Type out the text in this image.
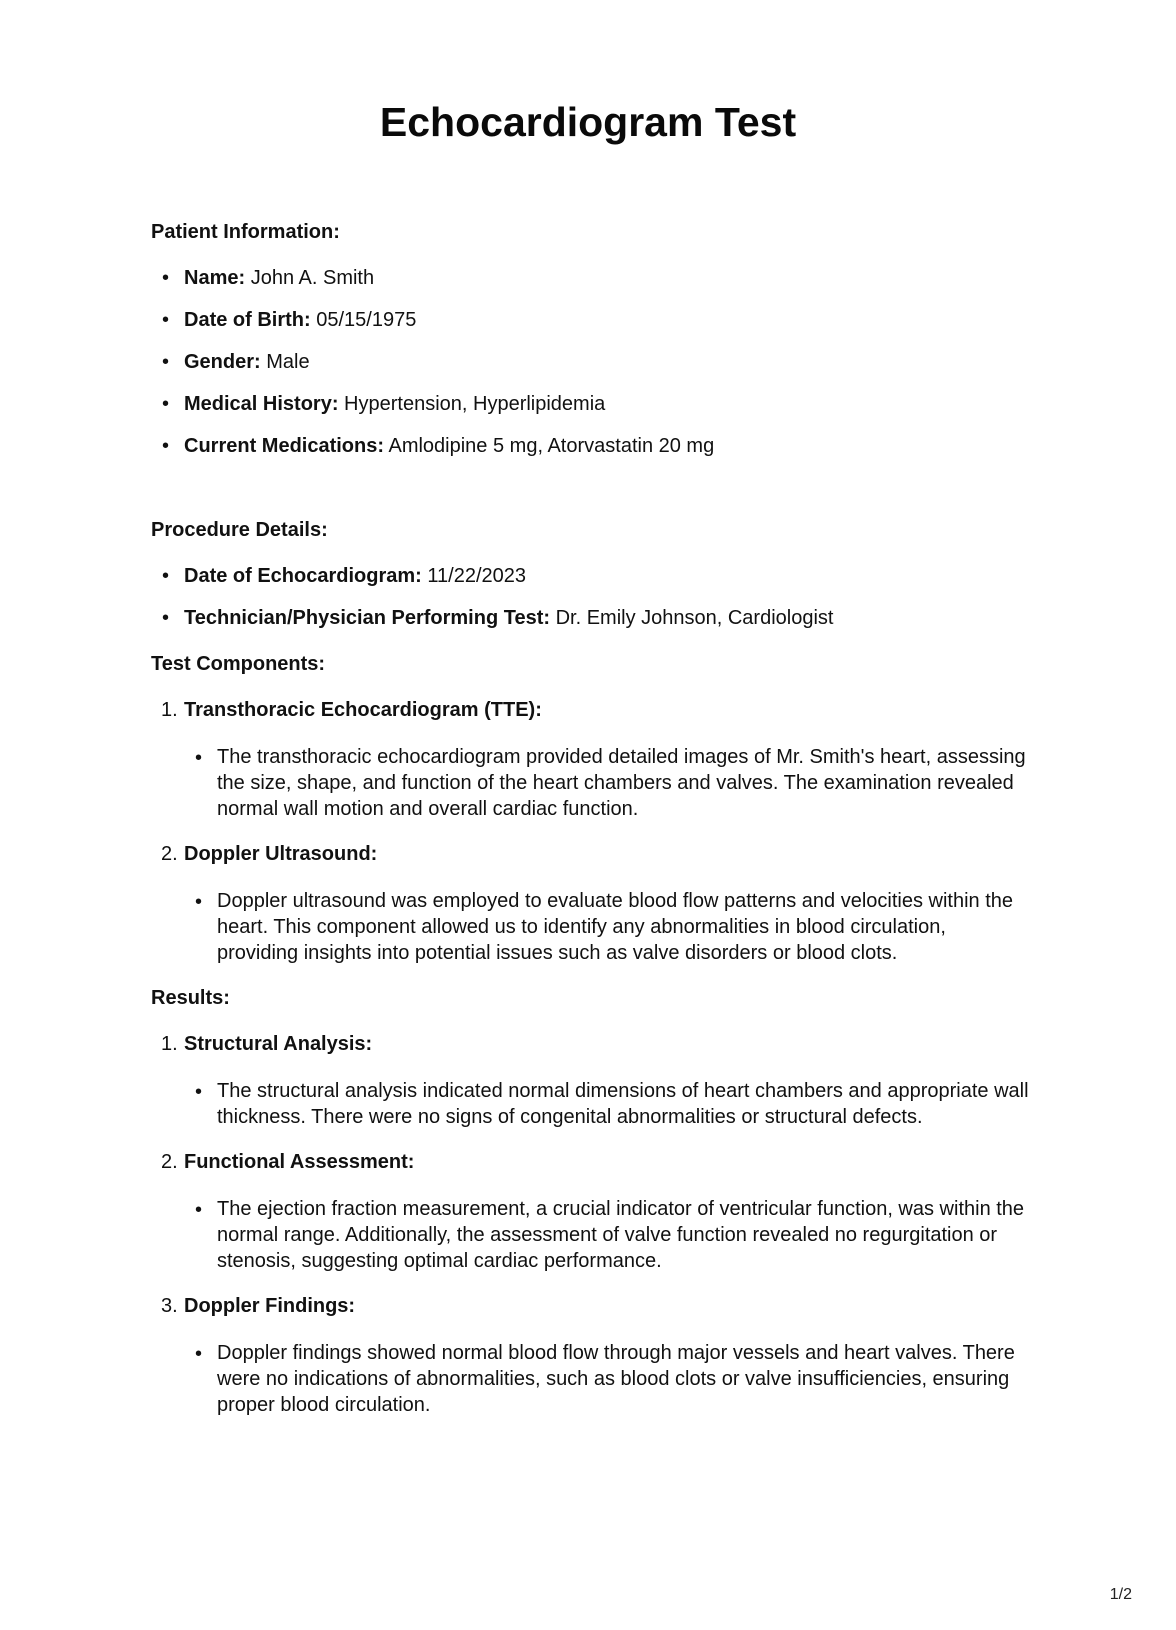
Echocardiogram Test
Patient Information:
• Name: John A. Smith
• Date of Birth: 05/15/1975
• Gender: Male
• Medical History: Hypertension, Hyperlipidemia
• Current Medications: Amlodipine 5 mg, Atorvastatin 20 mg
Procedure Details:
• Date of Echocardiogram: 11/22/2023
• Technician/Physician Performing Test: Dr. Emily Johnson, Cardiologist
Test Components:
1. Transthoracic Echocardiogram (TTE):
• The transthoracic echocardiogram provided detailed images of Mr. Smith's heart, assessing the size, shape, and function of the heart chambers and valves. The examination revealed normal wall motion and overall cardiac function.
2. Doppler Ultrasound:
• Doppler ultrasound was employed to evaluate blood flow patterns and velocities within the heart. This component allowed us to identify any abnormalities in blood circulation, providing insights into potential issues such as valve disorders or blood clots.
Results:
1. Structural Analysis:
• The structural analysis indicated normal dimensions of heart chambers and appropriate wall thickness. There were no signs of congenital abnormalities or structural defects.
2. Functional Assessment:
• The ejection fraction measurement, a crucial indicator of ventricular function, was within the normal range. Additionally, the assessment of valve function revealed no regurgitation or stenosis, suggesting optimal cardiac performance.
3. Doppler Findings:
• Doppler findings showed normal blood flow through major vessels and heart valves. There were no indications of abnormalities, such as blood clots or valve insufficiencies, ensuring proper blood circulation.
1/2
